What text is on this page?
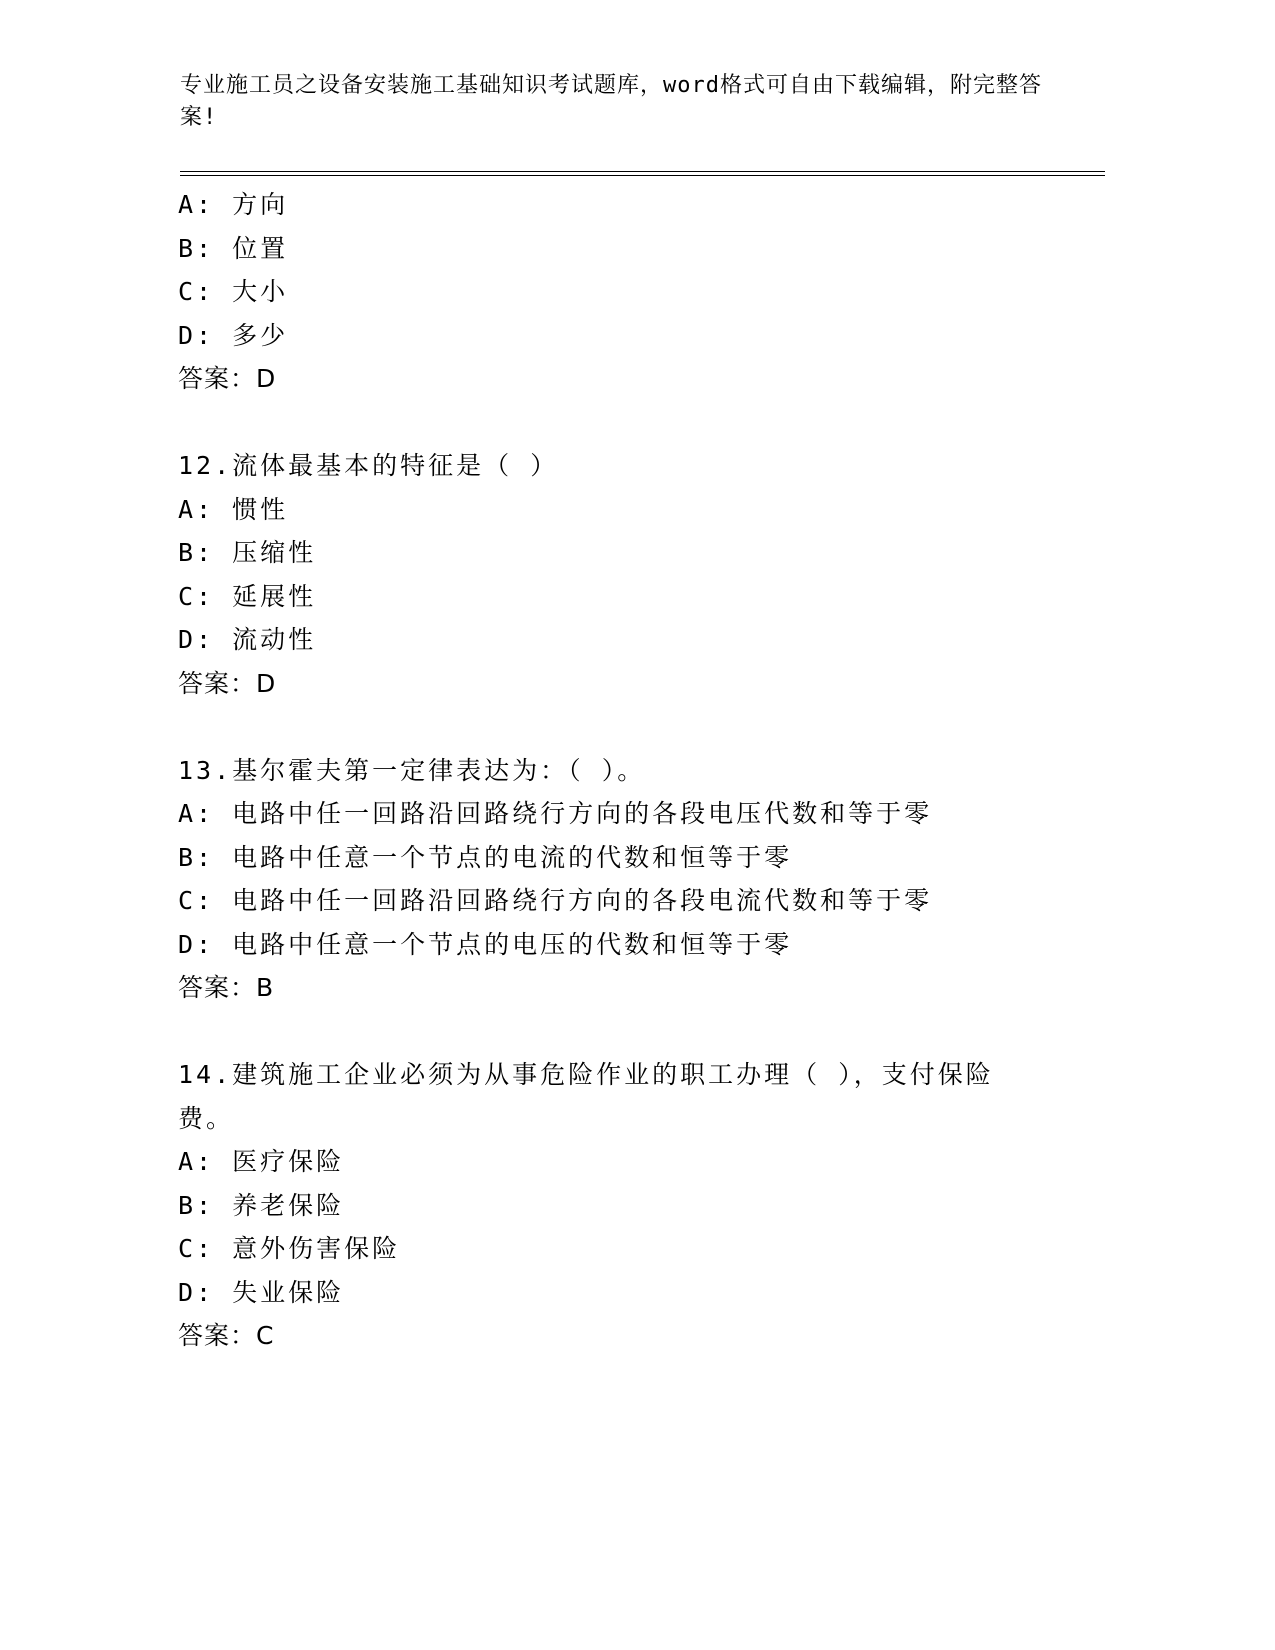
专业施工员之设备安装施工基础知识考试题库，word格式可自由下载编辑，附完整答案!
A: 方向
B: 位置
C: 大小
D: 多少
答案：D
12.流体最基本的特征是（ ）
A: 惯性
B: 压缩性
C: 延展性
D: 流动性
答案：D
13.基尔霍夫第一定律表达为：（ ）。
A: 电路中任一回路沿回路绕行方向的各段电压代数和等于零
B: 电路中任意一个节点的电流的代数和恒等于零
C: 电路中任一回路沿回路绕行方向的各段电流代数和等于零
D: 电路中任意一个节点的电压的代数和恒等于零
答案：B
14.建筑施工企业必须为从事危险作业的职工办理（ ），支付保险费。
A: 医疗保险
B: 养老保险
C: 意外伤害保险
D: 失业保险
答案：C
